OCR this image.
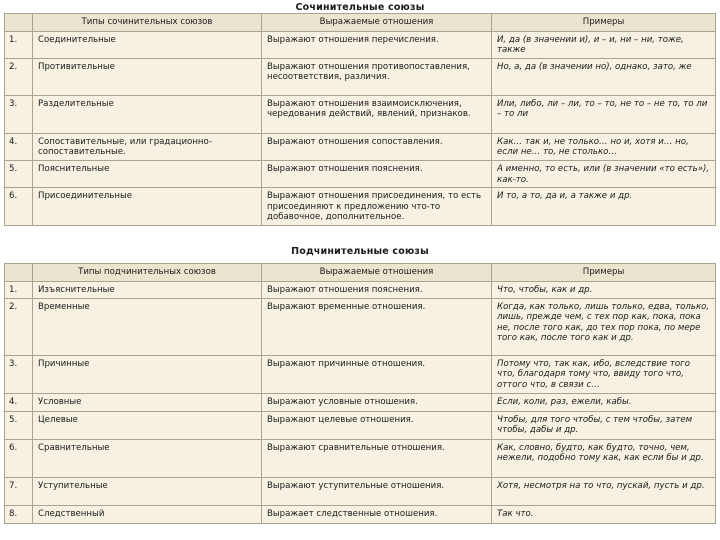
Сочинительные союзы
	Типы сочинительных союзов	Выражаемые отношения	Примеры
1.	Соединительные	Выражают отношения перечисления.	И, да (в значении и), и – и, ни – ни, тоже, также
2.	Противительные	Выражают отношения противопоставления, несоответствия, различия.	Но, а, да (в значении но), однако, зато, же
3.	Разделительные	Выражают отношения взаимоисключения, чередования действий, явлений, признаков.	Или, либо, ли – ли, то – то, не то – не то, то ли – то ли
4.	Сопоставительные, или градационно-сопоставительные.	Выражают отношения сопоставления.	Как… так и, не только… но и, хотя и… но, если не… то, не столько…
5.	Пояснительные	Выражают отношения пояснения.	А именно, то есть, или (в значении «то есть»), как-то.
6.	Присоединительные	Выражают отношения присоединения, то есть присоединяют к предложению что-то добавочное, дополнительное.	И то, а то, да и, а также и др.
Подчинительные союзы
	Типы подчинительных союзов	Выражаемые отношения	Примеры
1.	Изъяснительные	Выражают отношения пояснения.	Что, чтобы, как и др.
2.	Временные	Выражают временные отношения.	Когда, как только, лишь только, едва, только, лишь, прежде чем, с тех пор как, пока, пока не, после того как, до тех пор пока, по мере того как, после того как и др.
3.	Причинные	Выражают причинные отношения.	Потому что, так как, ибо, вследствие того что, благодаря тому что, ввиду того что, оттого что, в связи с…
4.	Условные	Выражают условные отношения.	Если, коли, раз, ежели, кабы.
5.	Целевые	Выражают целевые отношения.	Чтобы, для того чтобы, с тем чтобы, затем чтобы, дабы и др.
6.	Сравнительные	Выражают сравнительные отношения.	Как, словно, будто, как будто, точно, чем, нежели, подобно тому как, как если бы и др.
7.	Уступительные	Выражают уступительные отношения.	Хотя, несмотря на то что, пускай, пусть и др.
8.	Следственный	Выражает следственные отношения.	Так что.
